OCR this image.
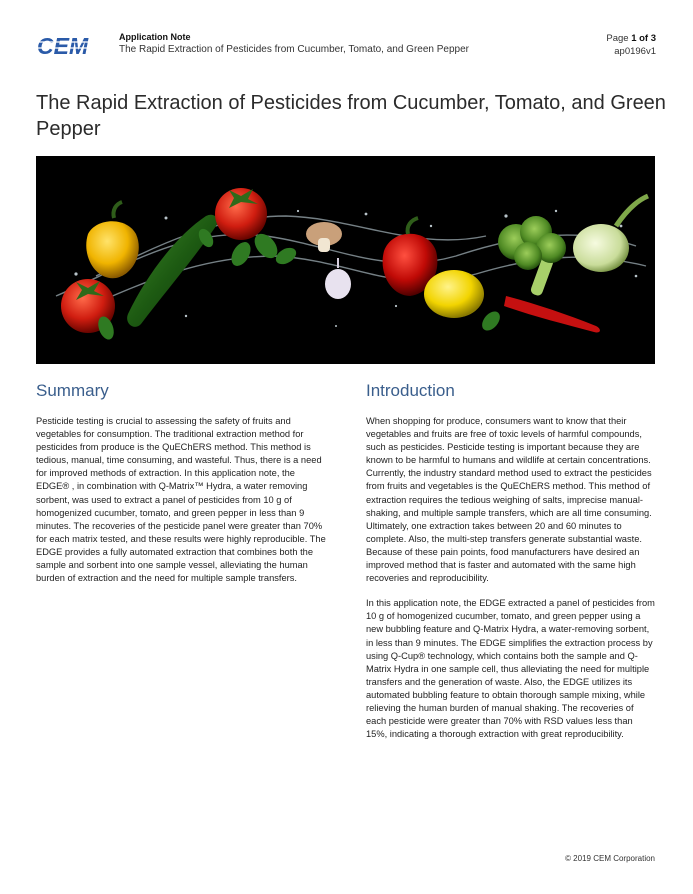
CEM	Application Note
The Rapid Extraction of Pesticides from Cucumber, Tomato, and Green Pepper
Page 1 of 3
ap0196v1
The Rapid Extraction of Pesticides from Cucumber, Tomato, and Green Pepper
Summary

Pesticide testing is crucial to assessing the safety of fruits and vegetables for consumption. The traditional extraction method for pesticides from produce is the QuEChERS method. This method is tedious, manual, time consuming, and wasteful. Thus, there is a need for improved methods of extraction. In this application note, the EDGE® , in combination with Q-Matrix™ Hydra, a water removing sorbent, was used to extract a panel of pesticides from 10 g of homogenized cucumber, tomato, and green pepper in less than 9 minutes. The recoveries of the pesticide panel were greater than 70% for each matrix tested, and these results were highly reproducible. The EDGE provides a fully automated extraction that combines both the sample and sorbent into one sample vessel, alleviating the human burden of extraction and the need for multiple sample transfers.

Introduction

When shopping for produce, consumers want to know that their vegetables and fruits are free of toxic levels of harmful compounds, such as pesticides. Pesticide testing is important because they are known to be harmful to humans and wildlife at certain concentrations. Currently, the industry standard method used to extract the pesticides from fruits and vegetables is the QuEChERS method. This method of extraction requires the tedious weighing of salts, imprecise manual-shaking, and multiple sample transfers, which are all time consuming. Ultimately, one extraction takes between 20 and 60 minutes to complete. Also, the multi-step transfers generate substantial waste. Because of these pain points, food manufacturers have desired an improved method that is faster and automated with the same high recoveries and reproducibility.

In this application note, the EDGE extracted a panel of pesticides from 10 g of homogenized cucumber, tomato, and green pepper using a new bubbling feature and Q-Matrix Hydra, a water-removing sorbent, in less than 9 minutes. The EDGE simplifies the extraction process by using Q-Cup® technology, which contains both the sample and Q-Matrix Hydra in one sample cell, thus alleviating the need for multiple transfers and the generation of waste. Also, the EDGE utilizes its automated bubbling feature to obtain thorough sample mixing, while relieving the human burden of manual shaking. The recoveries of each pesticide were greater than 70% with RSD values less than 15%, indicating a thorough extraction with great reproducibility.

© 2019 CEM Corporation
